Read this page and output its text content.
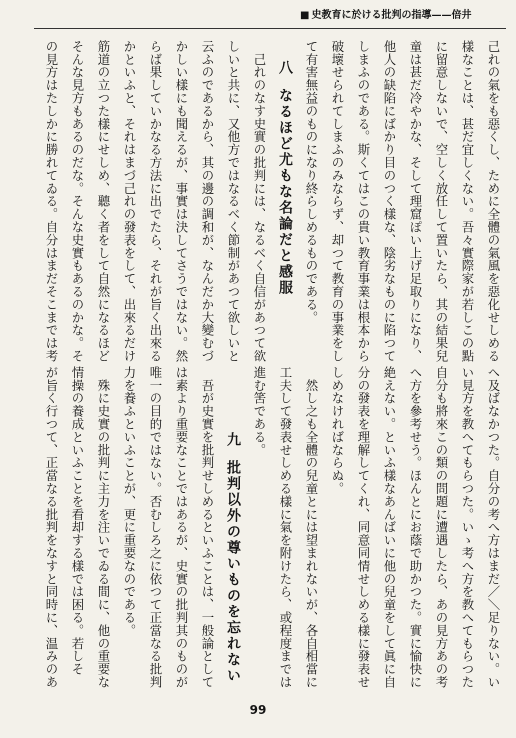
■ 史教育に於ける批判の指導——倍井
己れの氣をも惡くし、ために全體の氣風を惡化せしめる
樣なことは、甚だ宜しくない。吾々實際家が若しこの點
に留意しないで、空しく放任して置いたら、其の結果兒
童は甚だ冷やかな、そして理窟ぽい上げ足取りになり、
他人の缺陷にばかり目のつく樣な、陰劣なものに陷つて
しまふのである。斯くてはこの貴い教育事業は根本から
破壞せられてしまふのみならず、却つて教育の事業をし
て有害無益のものになり終らしめるものである。
八なるほど尤もな名論だと感服
己れのなす史實の批判には、なるべく自信があつて欲
しいと共に、又他方ではなるべく節制があつて欲しいと
云ふのであるから、其の邊の調和が、なんだか大變むづ
かしい樣にも聞えるが、事實は決してさうではない。然
らば果していかなる方法に出でたら、それが旨く出來る
かといふと、それはまづ己れの發表をして、出來るだけ
筋道の立つた樣にせしめ、聽く者をして自然になるほど
そんな見方もあるのだな。そんな史實もあるのかな。そ
の見方はたしかに勝れてゐる。自分はまだそこまでは考
へ及ばなかつた。自分の考へ方はまだ／＼足りない。い
い見方を教へてもらつた。いゝ考へ方を教へてもらつた
自分も將來この類の問題に遭遇したら、あの見方あの考
へ方を參考せう。ほんとにお蔭で助かつた。實に愉快に
絶えない。といふ樣なあんばいに他の兒童をして眞に自
分の發表を理解してくれ、同意同情せしめる樣に發表せ
しめなければならぬ。
然し之も全體の兒童とには望まれないが、各自相當に
工夫して發表せしめる樣に氣を附けたら、或程度までは
進む筈である。
九批判以外の尊いものを忘れない
吾が史實を批判せしめるといふことは、一般論として
は素より重要なことではあるが、史實の批判其のものが
唯一の目的ではない。否むしろ之に依つて正當なる批判
力を養ふといふことが、更に重要なのである。
殊に史實の批判に主力を注いでゐる間に、他の重要な
情操の養成といふことを看却する樣では困る。若しそ
が旨く行つて、正當なる批判をなすと同時に、温みのあ
99
